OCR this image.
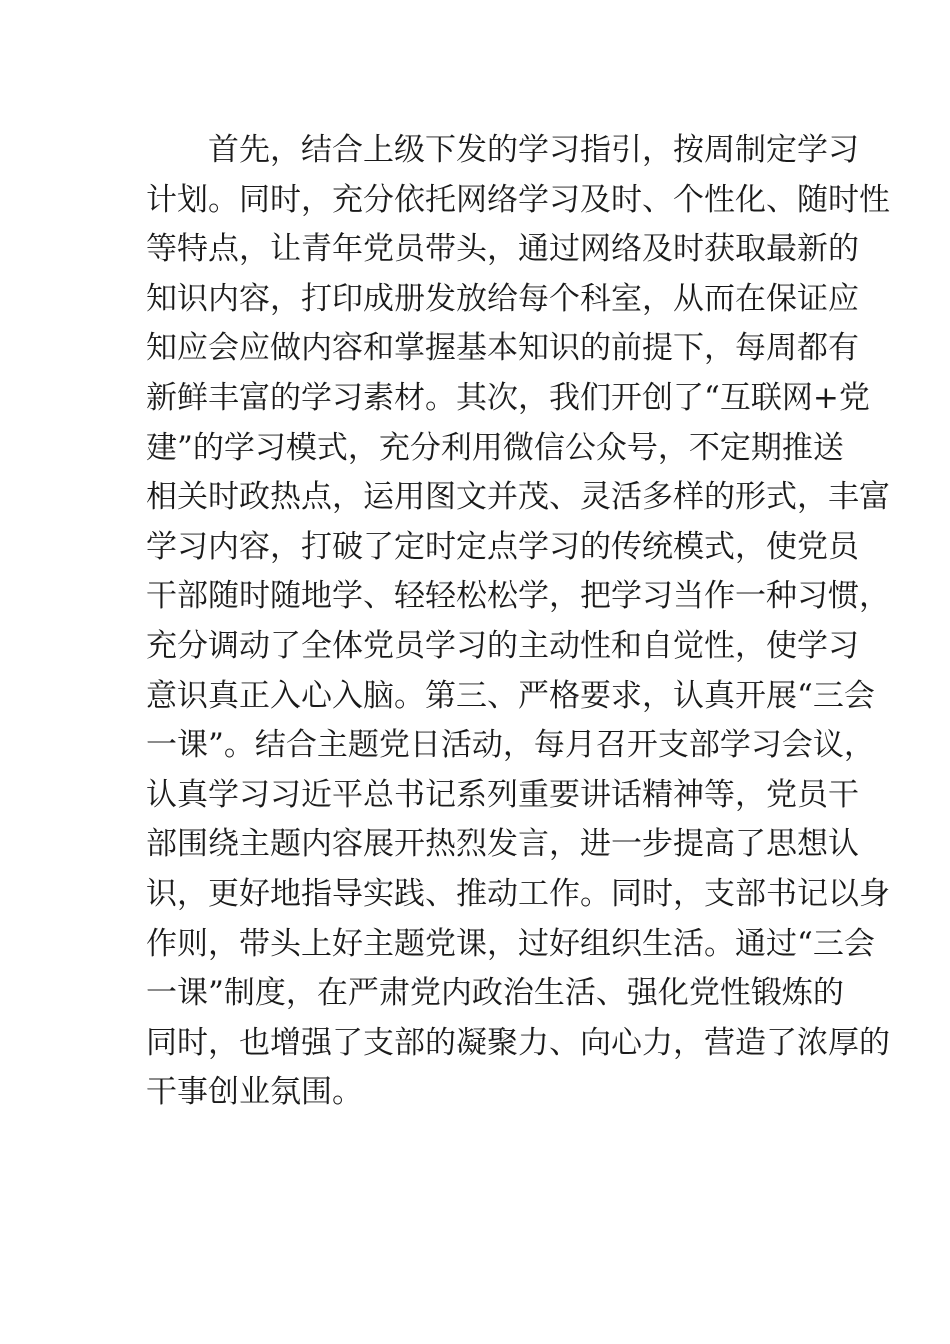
首先，结合上级下发的学习指引，按周制定学习
计划。同时，充分依托网络学习及时、个性化、随时性
等特点，让青年党员带头，通过网络及时获取最新的
知识内容，打印成册发放给每个科室，从而在保证应
知应会应做内容和掌握基本知识的前提下，每周都有
新鲜丰富的学习素材。其次，我们开创了“互联网+党
建”的学习模式，充分利用微信公众号，不定期推送
相关时政热点，运用图文并茂、灵活多样的形式，丰富
学习内容，打破了定时定点学习的传统模式，使党员
干部随时随地学、轻轻松松学，把学习当作一种习惯，
充分调动了全体党员学习的主动性和自觉性，使学习
意识真正入心入脑。第三、严格要求，认真开展“三会
一课”。结合主题党日活动，每月召开支部学习会议，
认真学习习近平总书记系列重要讲话精神等，党员干
部围绕主题内容展开热烈发言，进一步提高了思想认
识，更好地指导实践、推动工作。同时，支部书记以身
作则，带头上好主题党课，过好组织生活。通过“三会
一课”制度，在严肃党内政治生活、强化党性锻炼的
同时，也增强了支部的凝聚力、向心力，营造了浓厚的
干事创业氛围。
